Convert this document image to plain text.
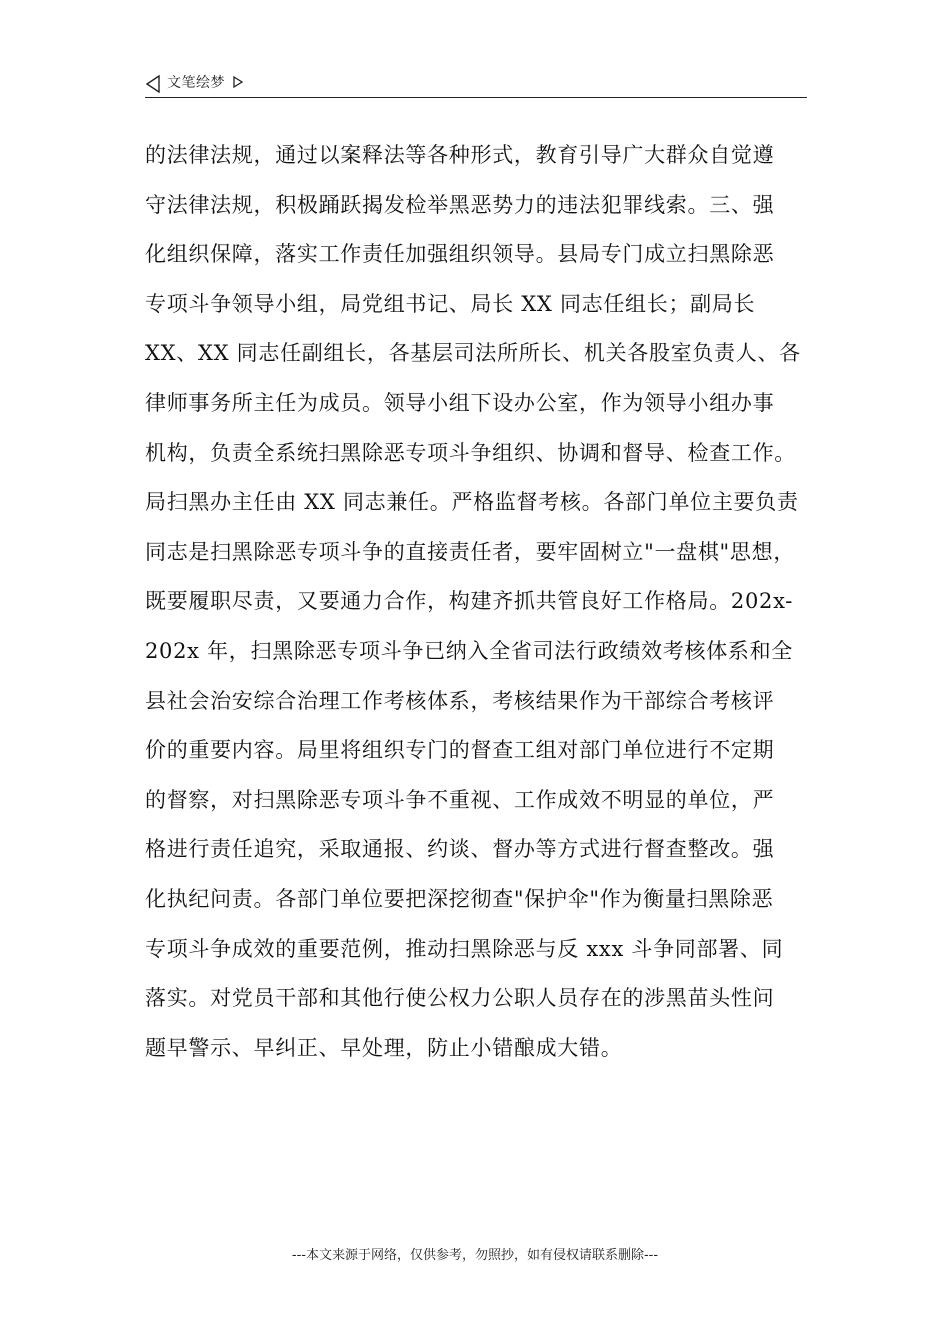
文笔绘梦
的法律法规，通过以案释法等各种形式，教育引导广大群众自觉遵
守法律法规，积极踊跃揭发检举黑恶势力的违法犯罪线索。三、强
化组织保障，落实工作责任加强组织领导。县局专门成立扫黑除恶
专项斗争领导小组，局党组书记、局长 XX 同志任组长；副局长
XX、XX 同志任副组长，各基层司法所所长、机关各股室负责人、各
律师事务所主任为成员。领导小组下设办公室，作为领导小组办事
机构，负责全系统扫黑除恶专项斗争组织、协调和督导、检查工作。
局扫黑办主任由 XX 同志兼任。严格监督考核。各部门单位主要负责
同志是扫黑除恶专项斗争的直接责任者，要牢固树立"一盘棋"思想，
既要履职尽责，又要通力合作，构建齐抓共管良好工作格局。202x-
202x 年，扫黑除恶专项斗争已纳入全省司法行政绩效考核体系和全
县社会治安综合治理工作考核体系，考核结果作为干部综合考核评
价的重要内容。局里将组织专门的督查工组对部门单位进行不定期
的督察，对扫黑除恶专项斗争不重视、工作成效不明显的单位，严
格进行责任追究，采取通报、约谈、督办等方式进行督查整改。强
化执纪问责。各部门单位要把深挖彻查"保护伞"作为衡量扫黑除恶
专项斗争成效的重要范例，推动扫黑除恶与反 xxx 斗争同部署、同
落实。对党员干部和其他行使公权力公职人员存在的涉黑苗头性问
题早警示、早纠正、早处理，防止小错酿成大错。
---本文来源于网络，仅供参考，勿照抄，如有侵权请联系删除---
